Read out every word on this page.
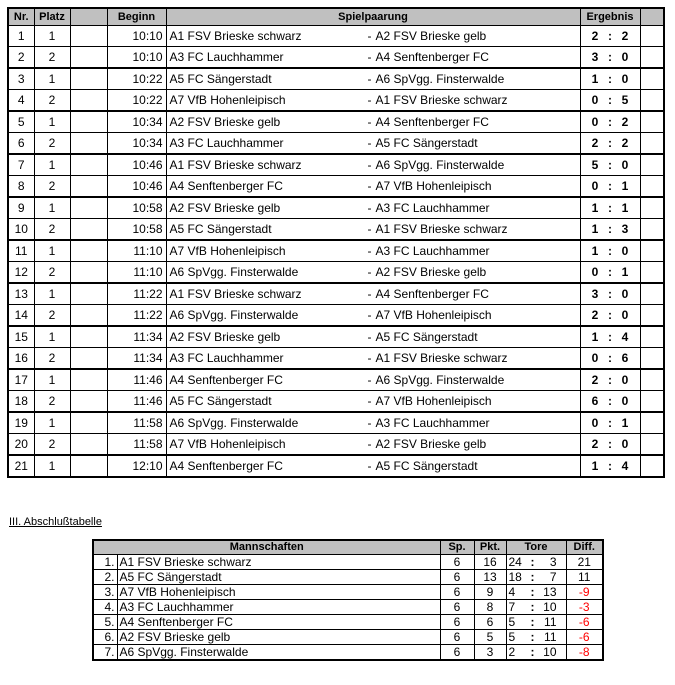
Nr.	Platz		Beginn	Spielpaarung	Ergebnis	
1	1		10:10	A1 FSV Brieske schwarz - A2 FSV Brieske gelb	2 : 2	
2	2		10:10	A3 FC Lauchhammer - A4 Senftenberger FC	3 : 0	
3	1		10:22	A5 FC Sängerstadt - A6 SpVgg. Finsterwalde	1 : 0	
4	2		10:22	A7 VfB Hohenleipisch - A1 FSV Brieske schwarz	0 : 5	
5	1		10:34	A2 FSV Brieske gelb - A4 Senftenberger FC	0 : 2	
6	2		10:34	A3 FC Lauchhammer - A5 FC Sängerstadt	2 : 2	
7	1		10:46	A1 FSV Brieske schwarz - A6 SpVgg. Finsterwalde	5 : 0	
8	2		10:46	A4 Senftenberger FC - A7 VfB Hohenleipisch	0 : 1	
9	1		10:58	A2 FSV Brieske gelb - A3 FC Lauchhammer	1 : 1	
10	2		10:58	A5 FC Sängerstadt - A1 FSV Brieske schwarz	1 : 3	
11	1		11:10	A7 VfB Hohenleipisch - A3 FC Lauchhammer	1 : 0	
12	2		11:10	A6 SpVgg. Finsterwalde - A2 FSV Brieske gelb	0 : 1	
13	1		11:22	A1 FSV Brieske schwarz - A4 Senftenberger FC	3 : 0	
14	2		11:22	A6 SpVgg. Finsterwalde - A7 VfB Hohenleipisch	2 : 0	
15	1		11:34	A2 FSV Brieske gelb - A5 FC Sängerstadt	1 : 4	
16	2		11:34	A3 FC Lauchhammer - A1 FSV Brieske schwarz	0 : 6	
17	1		11:46	A4 Senftenberger FC - A6 SpVgg. Finsterwalde	2 : 0	
18	2		11:46	A5 FC Sängerstadt - A7 VfB Hohenleipisch	6 : 0	
19	1		11:58	A6 SpVgg. Finsterwalde - A3 FC Lauchhammer	0 : 1	
20	2		11:58	A7 VfB Hohenleipisch - A2 FSV Brieske gelb	2 : 0	
21	1		12:10	A4 Senftenberger FC - A5 FC Sängerstadt	1 : 4	
III. Abschlußtabelle
Mannschaften		Sp.	Pkt.	Tore	Diff.
1.	A1 FSV Brieske schwarz	6	16	24 : 3	21
2.	A5 FC Sängerstadt	6	13	18 : 7	11
3.	A7 VfB Hohenleipisch	6	9	4 : 13	-9
4.	A3 FC Lauchhammer	6	8	7 : 10	-3
5.	A4 Senftenberger FC	6	6	5 : 11	-6
6.	A2 FSV Brieske gelb	6	5	5 : 11	-6
7.	A6 SpVgg. Finsterwalde	6	3	2 : 10	-8
